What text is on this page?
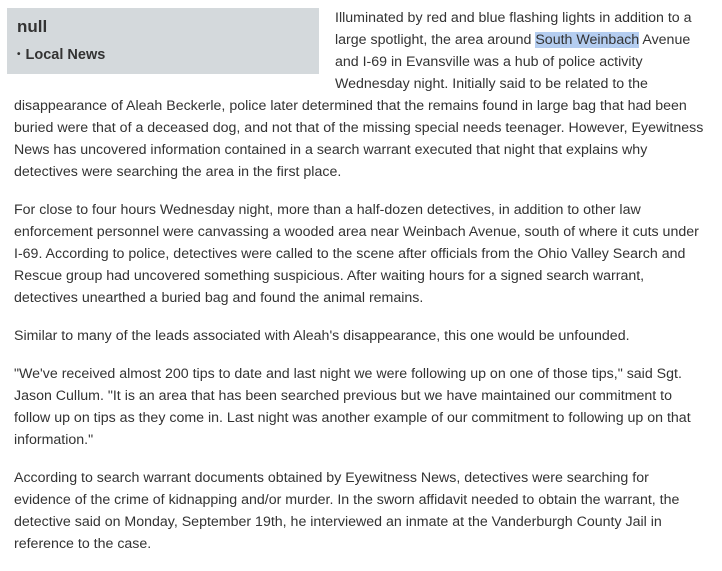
null
• Local News

Illuminated by red and blue flashing lights in addition to a large spotlight, the area around South Weinbach Avenue and I-69 in Evansville was a hub of police activity Wednesday night. Initially said to be related to the disappearance of Aleah Beckerle, police later determined that the remains found in large bag that had been buried were that of a deceased dog, and not that of the missing special needs teenager. However, Eyewitness News has uncovered information contained in a search warrant executed that night that explains why detectives were searching the area in the first place.

For close to four hours Wednesday night, more than a half-dozen detectives, in addition to other law enforcement personnel were canvassing a wooded area near Weinbach Avenue, south of where it cuts under I-69. According to police, detectives were called to the scene after officials from the Ohio Valley Search and Rescue group had uncovered something suspicious. After waiting hours for a signed search warrant, detectives unearthed a buried bag and found the animal remains.

Similar to many of the leads associated with Aleah's disappearance, this one would be unfounded.

"We've received almost 200 tips to date and last night we were following up on one of those tips," said Sgt. Jason Cullum. "It is an area that has been searched previous but we have maintained our commitment to follow up on tips as they come in. Last night was another example of our commitment to following up on that information."

According to search warrant documents obtained by Eyewitness News, detectives were searching for evidence of the crime of kidnapping and/or murder. In the sworn affidavit needed to obtain the warrant, the detective said on Monday, September 19th, he interviewed an inmate at the Vanderburgh County Jail in reference to the case.
